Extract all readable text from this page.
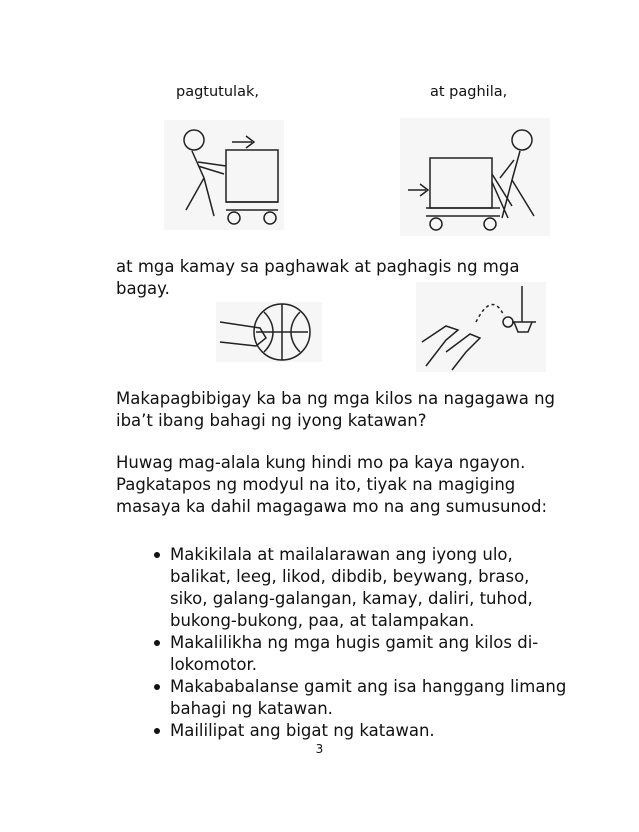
pagtutulak,	at paghila,
at mga kamay sa paghawak at paghagis ng mga bagay.
Makapagbibigay ka ba ng mga kilos na nagagawa ng iba’t ibang bahagi ng iyong katawan?
Huwag mag-alala kung hindi mo pa kaya ngayon. Pagkatapos ng modyul na ito, tiyak na magiging masaya ka dahil magagawa mo na ang sumusunod:
Makikilala at mailalarawan ang iyong ulo, balikat, leeg, likod, dibdib, beywang, braso, siko, galang-galangan, kamay, daliri, tuhod, bukong-bukong, paa, at talampakan.
Makalilikha ng mga hugis gamit ang kilos di-lokomotor.
Makababalanse gamit ang isa hanggang limang bahagi ng katawan.
Maililipat ang bigat ng katawan.
3
